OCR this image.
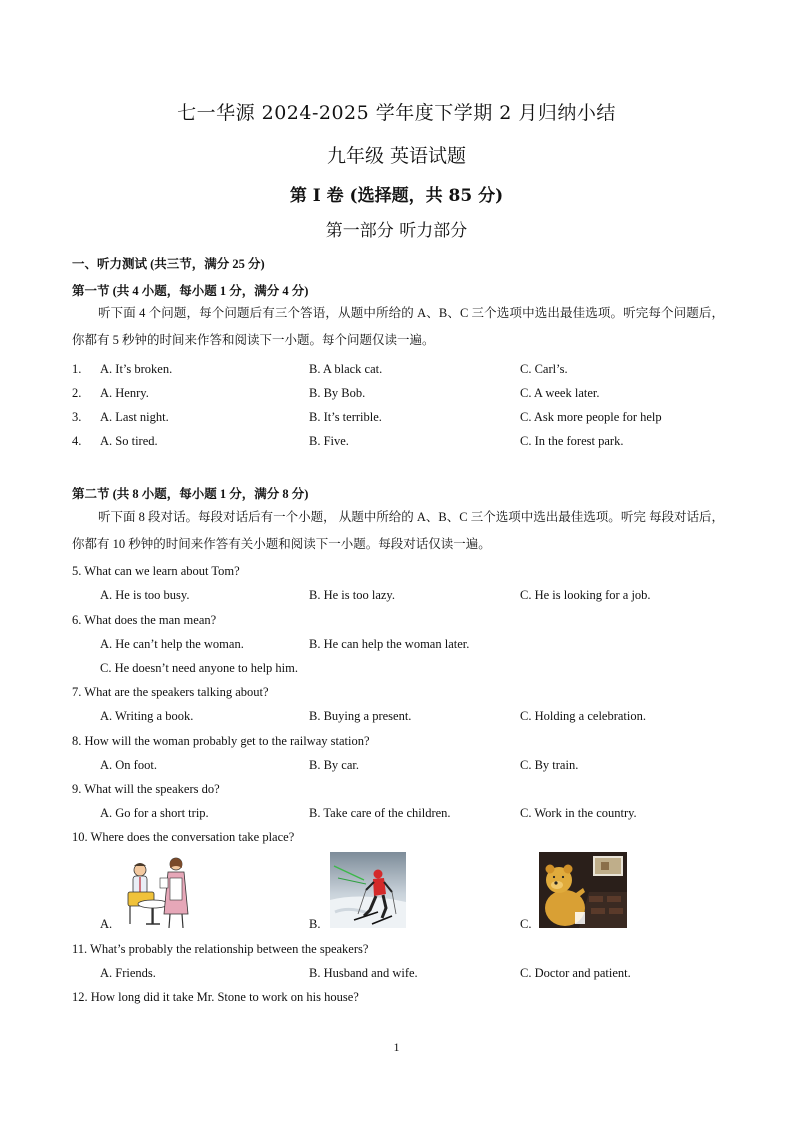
七一华源 2024-2025 学年度下学期 2 月归纳小结
九年级 英语试题
第 I 卷 (选择题，共 85 分)
第一部分 听力部分
一、听力测试 (共三节，满分 25 分)
第一节 (共 4 小题，每小题 1 分，满分 4 分)
听下面 4 个问题，每个问题后有三个答语，从题中所给的 A、B、C 三个选项中选出最佳选项。听完每个问题后，你都有 5 秒钟的时间来作答和阅读下一小题。每个问题仅读一遍。
1. A. It’s broken.	B. A black cat.	C. Carl’s.
2. A. Henry.	B. By Bob.	C. A week later.
3. A. Last night.	B. It’s terrible.	C. Ask more people for help
4. A. So tired.	B. Five.	C. In the forest park.
第二节 (共 8 小题，每小题 1 分，满分 8 分)
听下面 8 段对话。每段对话后有一个小题， 从题中所给的 A、B、C 三个选项中选出最佳选项。听完 每段对话后，你都有 10 秒钟的时间来作答有关小题和阅读下一小题。每段对话仅读一遍。
5. What can we learn about Tom?
A. He is too busy.	B. He is too lazy.	C. He is looking for a job.
6. What does the man mean?
A. He can’t help the woman.	B. He can help the woman later.
C. He doesn’t need anyone to help him.
7. What are the speakers talking about?
A. Writing a book.	B. Buying a present.	C. Holding a celebration.
8. How will the woman probably get to the railway station?
A. On foot.	B. By car.	C. By train.
9. What will the speakers do?
A. Go for a short trip.	B. Take care of the children.	C. Work in the country.
10. Where does the conversation take place?
A.	B.	C.
11. What’s probably the relationship between the speakers?
A. Friends.	B. Husband and wife.	C. Doctor and patient.
12. How long did it take Mr. Stone to work on his house?
1
